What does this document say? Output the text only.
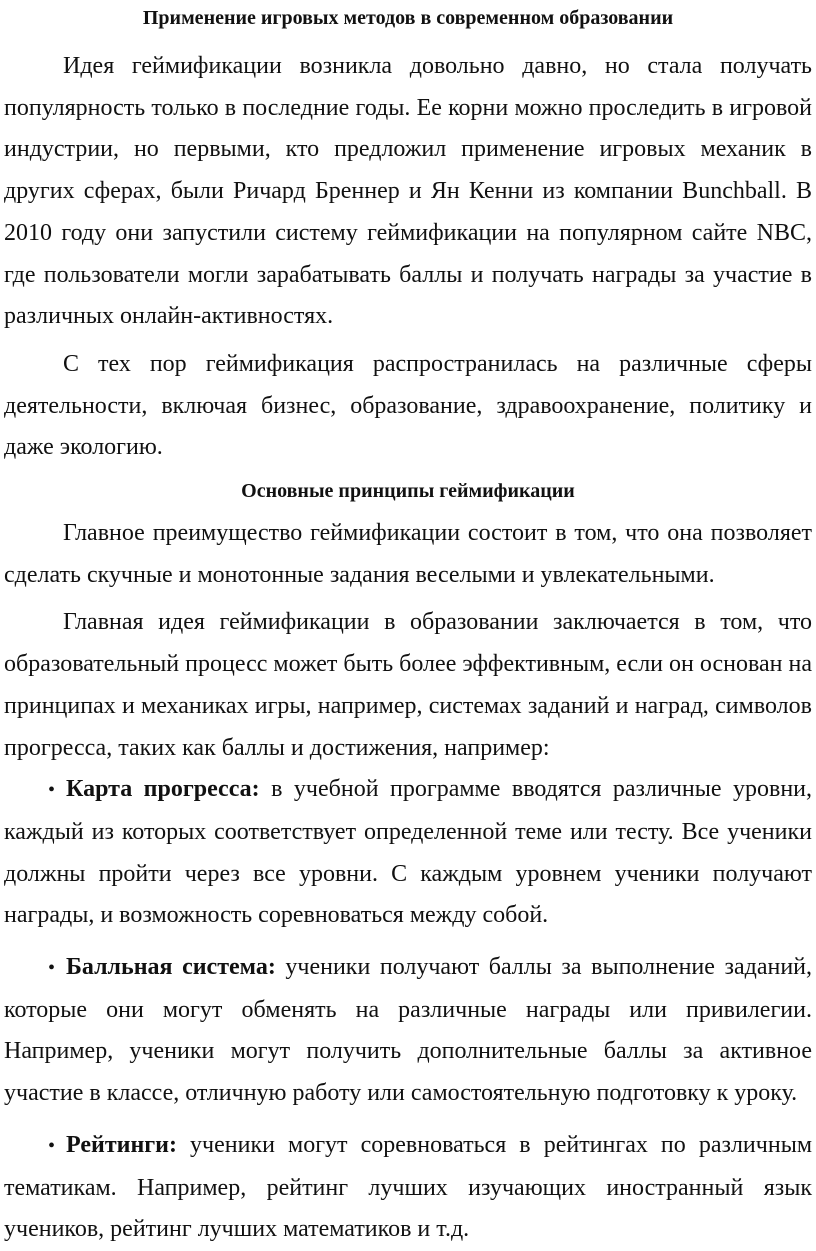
Применение игровых методов в современном образовании

Идея геймификации возникла довольно давно, но стала получать популярность только в последние годы. Ее корни можно проследить в игровой индустрии, но первыми, кто предложил применение игровых механик в других сферах, были Ричард Бреннер и Ян Кенни из компании Bunchball. В 2010 году они запустили систему геймификации на популярном сайте NBC, где пользователи могли зарабатывать баллы и получать награды за участие в различных онлайн-активностях.

С тех пор геймификация распространилась на различные сферы деятельности, включая бизнес, образование, здравоохранение, политику и даже экологию.

Основные принципы геймификации

Главное преимущество геймификации состоит в том, что она позволяет сделать скучные и монотонные задания веселыми и увлекательными.

Главная идея геймификации в образовании заключается в том, что образовательный процесс может быть более эффективным, если он основан на принципах и механиках игры, например, системах заданий и наград, символов прогресса, таких как баллы и достижения, например:

• Карта прогресса: в учебной программе вводятся различные уровни, каждый из которых соответствует определенной теме или тесту. Все ученики должны пройти через все уровни. С каждым уровнем ученики получают награды, и возможность соревноваться между собой.

• Балльная система: ученики получают баллы за выполнение заданий, которые они могут обменять на различные награды или привилегии. Например, ученики могут получить дополнительные баллы за активное участие в классе, отличную работу или самостоятельную подготовку к уроку.

• Рейтинги: ученики могут соревноваться в рейтингах по различным тематикам. Например, рейтинг лучших изучающих иностранный язык учеников, рейтинг лучших математиков и т.д.
